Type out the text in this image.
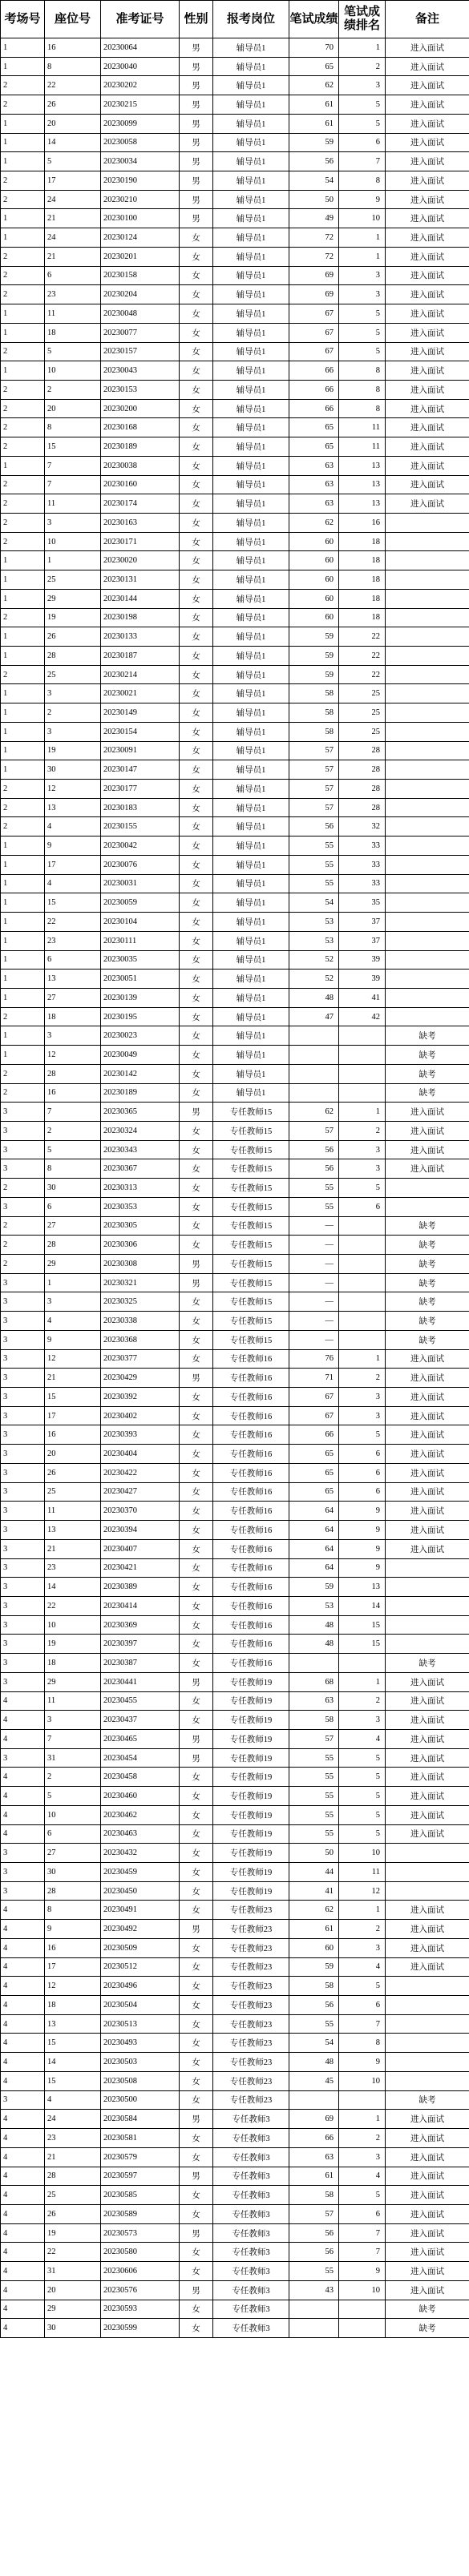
考场号	座位号	准考证号	性别	报考岗位	笔试成绩	笔试成绩排名	备注
1	16	20230064	男	辅导员1	70	1	进入面试
1	8	20230040	男	辅导员1	65	2	进入面试
2	22	20230202	男	辅导员1	62	3	进入面试
2	26	20230215	男	辅导员1	61	5	进入面试
1	20	20230099	男	辅导员1	61	5	进入面试
1	14	20230058	男	辅导员1	59	6	进入面试
1	5	20230034	男	辅导员1	56	7	进入面试
2	17	20230190	男	辅导员1	54	8	进入面试
2	24	20230210	男	辅导员1	50	9	进入面试
1	21	20230100	男	辅导员1	49	10	进入面试
1	24	20230124	女	辅导员1	72	1	进入面试
2	21	20230201	女	辅导员1	72	1	进入面试
2	6	20230158	女	辅导员1	69	3	进入面试
2	23	20230204	女	辅导员1	69	3	进入面试
1	11	20230048	女	辅导员1	67	5	进入面试
1	18	20230077	女	辅导员1	67	5	进入面试
2	5	20230157	女	辅导员1	67	5	进入面试
1	10	20230043	女	辅导员1	66	8	进入面试
2	2	20230153	女	辅导员1	66	8	进入面试
2	20	20230200	女	辅导员1	66	8	进入面试
2	8	20230168	女	辅导员1	65	11	进入面试
2	15	20230189	女	辅导员1	65	11	进入面试
1	7	20230038	女	辅导员1	63	13	进入面试
2	7	20230160	女	辅导员1	63	13	进入面试
2	11	20230174	女	辅导员1	63	13	进入面试
2	3	20230163	女	辅导员1	62	16	
2	10	20230171	女	辅导员1	60	18	
1	1	20230020	女	辅导员1	60	18	
1	25	20230131	女	辅导员1	60	18	
1	29	20230144	女	辅导员1	60	18	
2	19	20230198	女	辅导员1	60	18	
1	26	20230133	女	辅导员1	59	22	
1	28	20230187	女	辅导员1	59	22	
2	25	20230214	女	辅导员1	59	22	
1	3	20230021	女	辅导员1	58	25	
1	2	20230149	女	辅导员1	58	25	
1	3	20230154	女	辅导员1	58	25	
1	19	20230091	女	辅导员1	57	28	
1	30	20230147	女	辅导员1	57	28	
2	12	20230177	女	辅导员1	57	28	
2	13	20230183	女	辅导员1	57	28	
2	4	20230155	女	辅导员1	56	32	
1	9	20230042	女	辅导员1	55	33	
1	17	20230076	女	辅导员1	55	33	
1	4	20230031	女	辅导员1	55	33	
1	15	20230059	女	辅导员1	54	35	
1	22	20230104	女	辅导员1	53	37	
1	23	20230111	女	辅导员1	53	37	
1	6	20230035	女	辅导员1	52	39	
1	13	20230051	女	辅导员1	52	39	
1	27	20230139	女	辅导员1	48	41	
2	18	20230195	女	辅导员1	47	42	
1	3	20230023	女	辅导员1			缺考
1	12	20230049	女	辅导员1			缺考
2	28	20230142	女	辅导员1			缺考
2	16	20230189	女	辅导员1			缺考
3	7	20230365	男	专任教师15	62	1	进入面试
3	2	20230324	女	专任教师15	57	2	进入面试
3	5	20230343	女	专任教师15	56	3	进入面试
3	8	20230367	女	专任教师15	56	3	进入面试
2	30	20230313	女	专任教师15	55	5	
3	6	20230353	女	专任教师15	55	6	
2	27	20230305	女	专任教师15	—		缺考
2	28	20230306	女	专任教师15	—		缺考
2	29	20230308	男	专任教师15	—		缺考
3	1	20230321	男	专任教师15	—		缺考
3	3	20230325	女	专任教师15	—		缺考
3	4	20230338	女	专任教师15	—		缺考
3	9	20230368	女	专任教师15	—		缺考
3	12	20230377	女	专任教师16	76	1	进入面试
3	21	20230429	男	专任教师16	71	2	进入面试
3	15	20230392	女	专任教师16	67	3	进入面试
3	17	20230402	女	专任教师16	67	3	进入面试
3	16	20230393	女	专任教师16	66	5	进入面试
3	20	20230404	女	专任教师16	65	6	进入面试
3	26	20230422	女	专任教师16	65	6	进入面试
3	25	20230427	女	专任教师16	65	6	进入面试
3	11	20230370	女	专任教师16	64	9	进入面试
3	13	20230394	女	专任教师16	64	9	进入面试
3	21	20230407	女	专任教师16	64	9	进入面试
3	23	20230421	女	专任教师16	64	9	
3	14	20230389	女	专任教师16	59	13	
3	22	20230414	女	专任教师16	53	14	
3	10	20230369	女	专任教师16	48	15	
3	19	20230397	女	专任教师16	48	15	
3	18	20230387	女	专任教师16			缺考
3	29	20230441	男	专任教师19	68	1	进入面试
4	11	20230455	女	专任教师19	63	2	进入面试
4	3	20230437	女	专任教师19	58	3	进入面试
4	7	20230465	男	专任教师19	57	4	进入面试
3	31	20230454	男	专任教师19	55	5	进入面试
4	2	20230458	女	专任教师19	55	5	进入面试
4	5	20230460	女	专任教师19	55	5	进入面试
4	10	20230462	女	专任教师19	55	5	进入面试
4	6	20230463	女	专任教师19	55	5	进入面试
3	27	20230432	女	专任教师19	50	10	
3	30	20230459	女	专任教师19	44	11	
3	28	20230450	女	专任教师19	41	12	
4	8	20230491	女	专任教师23	62	1	进入面试
4	9	20230492	男	专任教师23	61	2	进入面试
4	16	20230509	女	专任教师23	60	3	进入面试
4	17	20230512	女	专任教师23	59	4	进入面试
4	12	20230496	女	专任教师23	58	5	
4	18	20230504	女	专任教师23	56	6	
4	13	20230513	女	专任教师23	55	7	
4	15	20230493	女	专任教师23	54	8	
4	14	20230503	女	专任教师23	48	9	
4	15	20230508	女	专任教师23	45	10	
3	4	20230500	女	专任教师23			缺考
4	24	20230584	男	专任教师3	69	1	进入面试
4	23	20230581	女	专任教师3	66	2	进入面试
4	21	20230579	女	专任教师3	63	3	进入面试
4	28	20230597	男	专任教师3	61	4	进入面试
4	25	20230585	女	专任教师3	58	5	进入面试
4	26	20230589	女	专任教师3	57	6	进入面试
4	19	20230573	男	专任教师3	56	7	进入面试
4	22	20230580	女	专任教师3	56	7	进入面试
4	31	20230606	女	专任教师3	55	9	进入面试
4	20	20230576	男	专任教师3	43	10	进入面试
4	29	20230593	女	专任教师3			缺考
4	30	20230599	女	专任教师3			缺考
